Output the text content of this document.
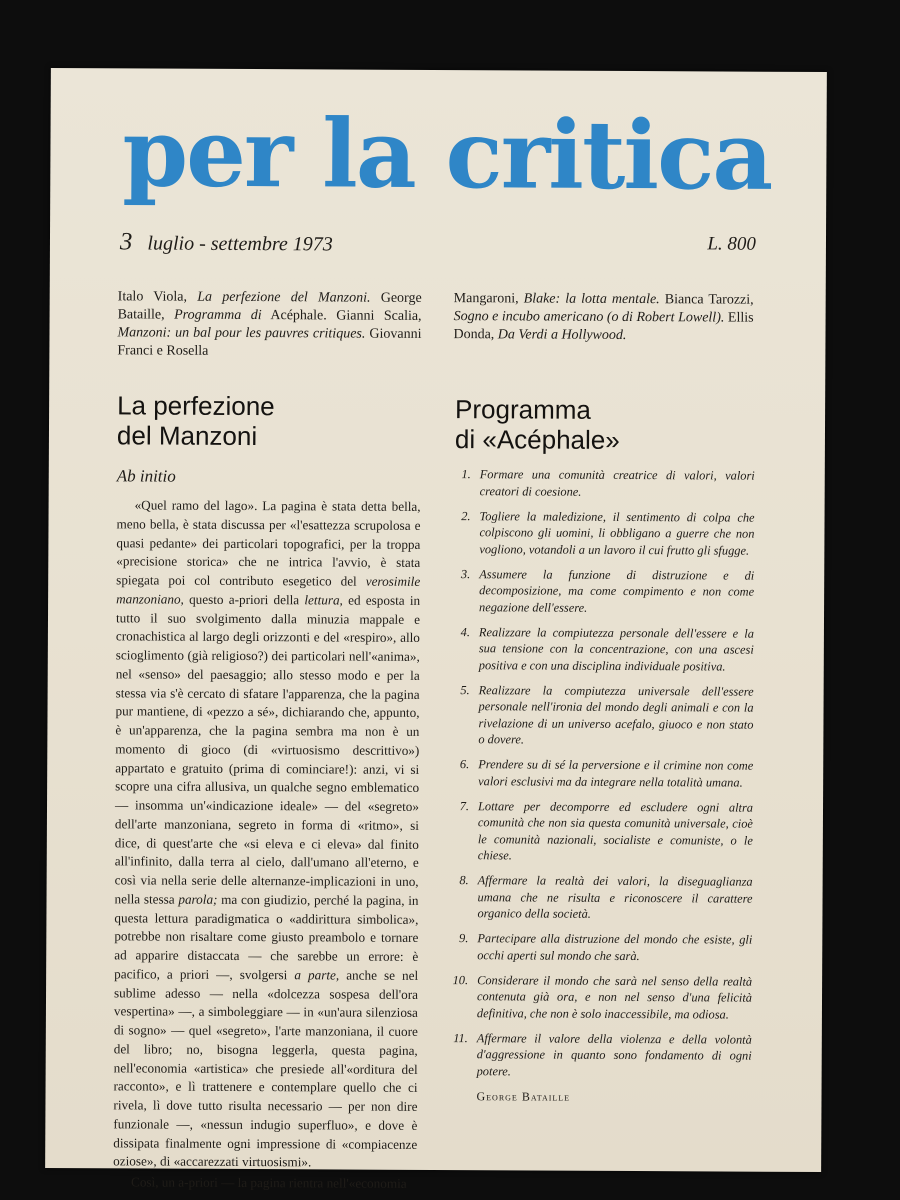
per la critica
3 luglio - settembre 1973	L. 800
Italo Viola, La perfezione del Manzoni. George Bataille, Programma di Acéphale. Gianni Scalia, Manzoni: un bal pour les pauvres critiques. Giovanni Franci e Rosella
Mangaroni, Blake: la lotta mentale. Bianca Tarozzi, Sogno e incubo americano (o di Robert Lowell). Ellis Donda, Da Verdi a Hollywood.
La perfezione
del Manzoni
Ab initio

«Quel ramo del lago». La pagina è stata detta bella, meno bella, è stata discussa per «l'esattezza scrupolosa e quasi pedante» dei particolari topografici, per la troppa «precisione storica» che ne intrica l'avvio, è stata spiegata poi col contributo esegetico del verosimile manzoniano, questo a-priori della lettura, ed esposta in tutto il suo svolgimento dalla minuzia mappale e cronachistica al largo degli orizzonti e del «respiro», allo scioglimento (già religioso?) dei particolari nell'«anima», nel «senso» del paesaggio; allo stesso modo e per la stessa via s'è cercato di sfatare l'apparenza, che la pagina pur mantiene, di «pezzo a sé», dichiarando che, appunto, è un'apparenza, che la pagina sembra ma non è un momento di gioco (di «virtuosismo descrittivo») appartato e gratuito (prima di cominciare!): anzi, vi si scopre una cifra allusiva, un qualche segno emblematico — insomma un'«indicazione ideale» — del «segreto» dell'arte manzoniana, segreto in forma di «ritmo», si dice, di quest'arte che «si eleva e ci eleva» dal finito all'infinito, dalla terra al cielo, dall'umano all'eterno, e così via nella serie delle alternanze-implicazioni in uno, nella stessa parola; ma con giudizio, perché la pagina, in questa lettura paradigmatica o «addirittura simbolica», potrebbe non risaltare come giusto preambolo e tornare ad apparire distaccata — che sarebbe un errore: è pacifico, a priori —, svolgersi a parte, anche se nel sublime adesso — nella «dolcezza sospesa dell'ora vespertina» —, a simboleggiare — in «un'aura silenziosa di sogno» — quel «segreto», l'arte manzoniana, il cuore del libro; no, bisogna leggerla, questa pagina, nell'economia «artistica» che presiede all'«orditura del racconto», e lì trattenere e contemplare quello che ci rivela, lì dove tutto risulta necessario — per non dire funzionale —, «nessun indugio superfluo», e dove è dissipata finalmente ogni impressione di «compiacenze oziose», di «accarezzati virtuosismi».

Così, un a-priori — la pagina rientra nell'«economia

Programma
di «Acéphale»
1. Formare una comunità creatrice di valori, valori creatori di coesione.
2. Togliere la maledizione, il sentimento di colpa che colpiscono gli uomini, li obbligano a guerre che non vogliono, votandoli a un lavoro il cui frutto gli sfugge.
3. Assumere la funzione di distruzione e di decomposizione, ma come compimento e non come negazione dell'essere.
4. Realizzare la compiutezza personale dell'essere e la sua tensione con la concentrazione, con una ascesi positiva e con una disciplina individuale positiva.
5. Realizzare la compiutezza universale dell'essere personale nell'ironia del mondo degli animali e con la rivelazione di un universo acefalo, giuoco e non stato o dovere.
6. Prendere su di sé la perversione e il crimine non come valori esclusivi ma da integrare nella totalità umana.
7. Lottare per decomporre ed escludere ogni altra comunità che non sia questa comunità universale, cioè le comunità nazionali, socialiste e comuniste, o le chiese.
8. Affermare la realtà dei valori, la diseguaglianza umana che ne risulta e riconoscere il carattere organico della società.
9. Partecipare alla distruzione del mondo che esiste, gli occhi aperti sul mondo che sarà.
10. Considerare il mondo che sarà nel senso della realtà contenuta già ora, e non nel senso d'una felicità definitiva, che non è solo inaccessibile, ma odiosa.
11. Affermare il valore della violenza e della volontà d'aggressione in quanto sono fondamento di ogni potere.
George Bataille
